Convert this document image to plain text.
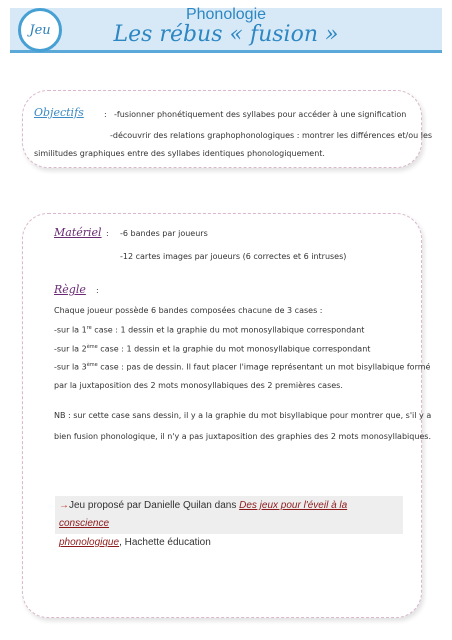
Jeu
Phonologie
Les rébus « fusion »
Objectifs	: -fusionner phonétiquement des syllabes pour accéder à une signification
-découvrir des relations graphophonologiques : montrer les différences et/ou les
similitudes graphiques entre des syllabes identiques phonologiquement.
Matériel : -6 bandes par joueurs
-12 cartes images par joueurs (6 correctes et 6 intruses)
Règle :
Chaque joueur possède 6 bandes composées chacune de 3 cases :
-sur la 1re case : 1 dessin et la graphie du mot monosyllabique correspondant
-sur la 2ème case : 1 dessin et la graphie du mot monosyllabique correspondant
-sur la 3ème case : pas de dessin. Il faut placer l'image représentant un mot bisyllabique formé
par la juxtaposition des 2 mots monosyllabiques des 2 premières cases.
NB : sur cette case sans dessin, il y a la graphie du mot bisyllabique pour montrer que, s'il y a
bien fusion phonologique, il n'y a pas juxtaposition des graphies des 2 mots monosyllabiques.
→Jeu proposé par Danielle Quilan dans Des jeux pour l'éveil à la conscience
phonologique, Hachette éducation
